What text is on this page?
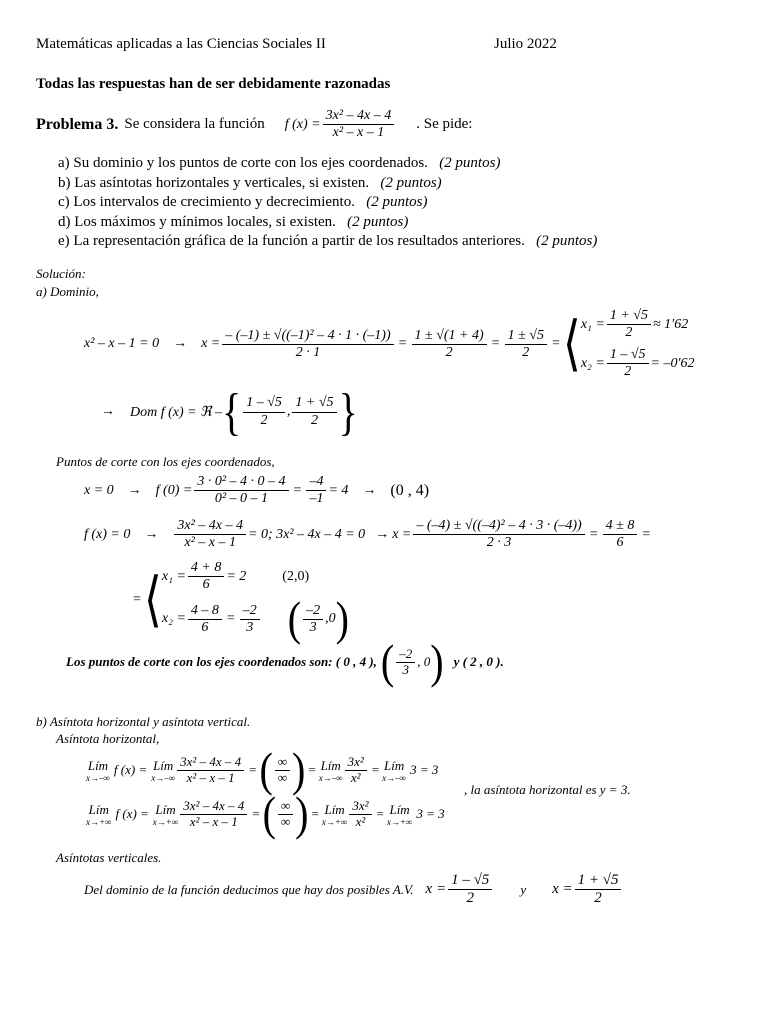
Matemáticas aplicadas a las Ciencias Sociales II	Julio 2022
Todas las respuestas han de ser debidamente razonadas
Problema 3. Se considera la función f $(x) = \frac{\text{3x² – 4x – 4}}{\text{x² – x – 1}}$ . Se pide:
a) Su dominio y los puntos de corte con los ejes coordenados. (2 puntos)
b) Las asíntotas horizontales y verticales, si existen. (2 puntos)
c) Los intervalos de crecimiento y decrecimiento. (2 puntos)
d) Los máximos y mínimos locales, si existen. (2 puntos)
e) La representación gráfica de la función a partir de los resultados anteriores. (2 puntos)
Solución:
a) Dominio,
$x^2 - x - 1 = 0 \to x = \frac{\text{– (–1) ± √((–1)² – 4 · 1 · (–1))}}{2 \cdot 1} = \frac{1 \pm √(1 + 4)}{2} = \frac{1 \pm √5}{2}$ = ⟨ $x_1 = \frac{1 + √5}{2} \approx 1'62$
$x_2 = \frac{1 - √5}{2} = -0'62$
→ Dom f (x) = ℜ – { $\frac{1 - √5}{2}$ , $\frac{1 + √5}{2}$ }
Puntos de corte con los ejes coordenados,
x = 0 → f $(0) = \frac{\text{3 · 0² – 4 · 0 – 4}}{\text{0² – 0 – 1}} = \frac{-4}{-1} = 4 \to (0$ , 4)
f $(x) = 0 \to \frac{\text{3x² – 4x – 4}}{\text{x² – x – 1}} = 0$; $3x^2 - 4x - 4 = 0 \to x = \frac{\text{– (–4) ± √((–4)² – 4 · 3 · (–4))}}{2 \cdot 3} = \frac{4 \pm 8}{6}$ =
= ⟨ $x_1 = \frac{4 + 8}{6} = 2$	(2,0)
$x_2 = \frac{4 - 8}{6} = \frac{-2}{3}$ ( $\frac{-2}{3} ,0$ )
Los puntos de corte con los ejes coordenados son: ( 0 , 4 ), ( $\frac{-2}{3}$ , 0 ) y ( 2 , 0 ).
b) Asíntota horizontal y asíntota vertical.
Asíntota horizontal,
Lím
x→–∞
f (x) = Lím
$x\to-\infty \frac{\text{3x² – 4x – 4}}{\text{x² – x – 1}}$ = ( $\frac{\infty}{\infty}$ ) = Lím
$x\to-\infty \frac{\text{3x²}}{\text{x²}}$ = Lím
x→–∞
3 = 3
, la asíntota horizontal es y = 3.
Lím
x→+∞
f (x) = Lím
$x\to+\infty \frac{\text{3x² – 4x – 4}}{\text{x² – x – 1}}$ = ( $\frac{\infty}{\infty}$ ) = Lím
$x\to+\infty \frac{\text{3x²}}{\text{x²}}$ = Lím
x→+∞
3 = 3
Asíntotas verticales.
Del dominio de la función deducimos que hay dos posibles A.V. $x = \frac{1 - √5}{2}$ y $x = \frac{1 + √5}{2}$
